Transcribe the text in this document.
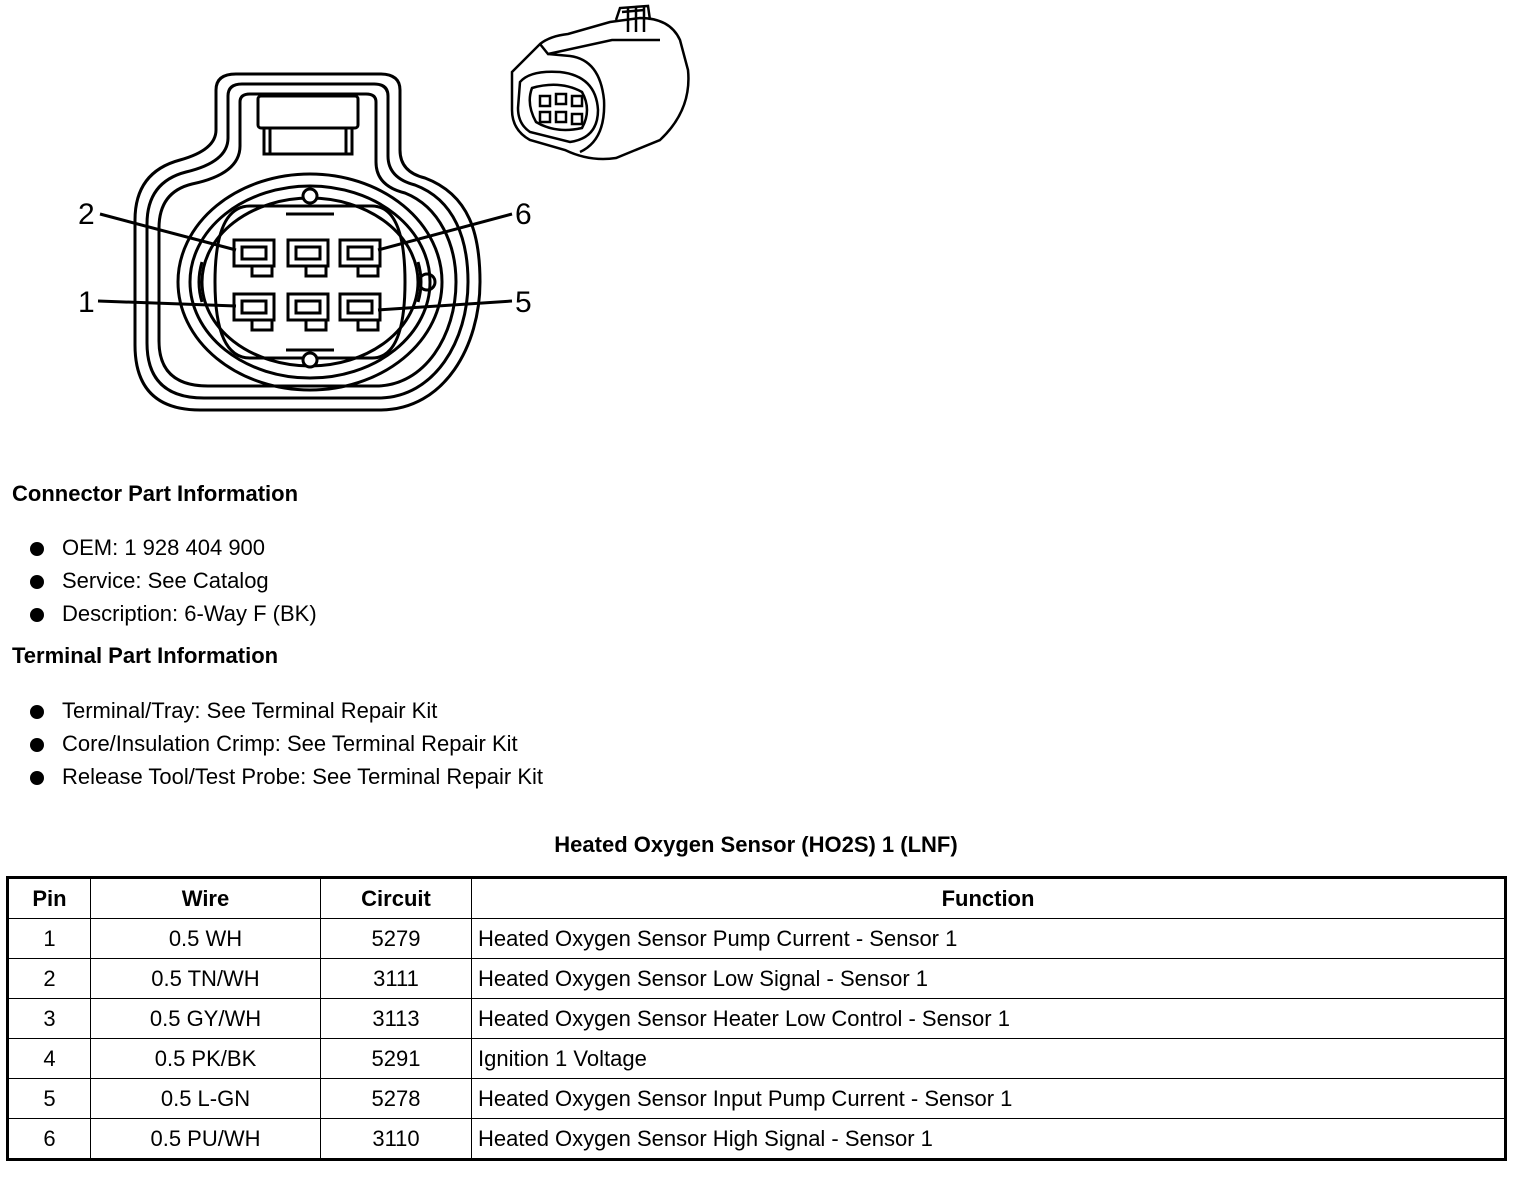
2
1
6
5
Connector Part Information
OEM: 1 928 404 900
Service: See Catalog
Description: 6-Way F (BK)
Terminal Part Information
Terminal/Tray: See Terminal Repair Kit
Core/Insulation Crimp: See Terminal Repair Kit
Release Tool/Test Probe: See Terminal Repair Kit
Heated Oxygen Sensor (HO2S) 1 (LNF)
Pin	Wire	Circuit	Function
1	0.5 WH	5279	Heated Oxygen Sensor Pump Current - Sensor 1
2	0.5 TN/WH	3111	Heated Oxygen Sensor Low Signal - Sensor 1
3	0.5 GY/WH	3113	Heated Oxygen Sensor Heater Low Control - Sensor 1
4	0.5 PK/BK	5291	Ignition 1 Voltage
5	0.5 L-GN	5278	Heated Oxygen Sensor Input Pump Current - Sensor 1
6	0.5 PU/WH	3110	Heated Oxygen Sensor High Signal - Sensor 1
